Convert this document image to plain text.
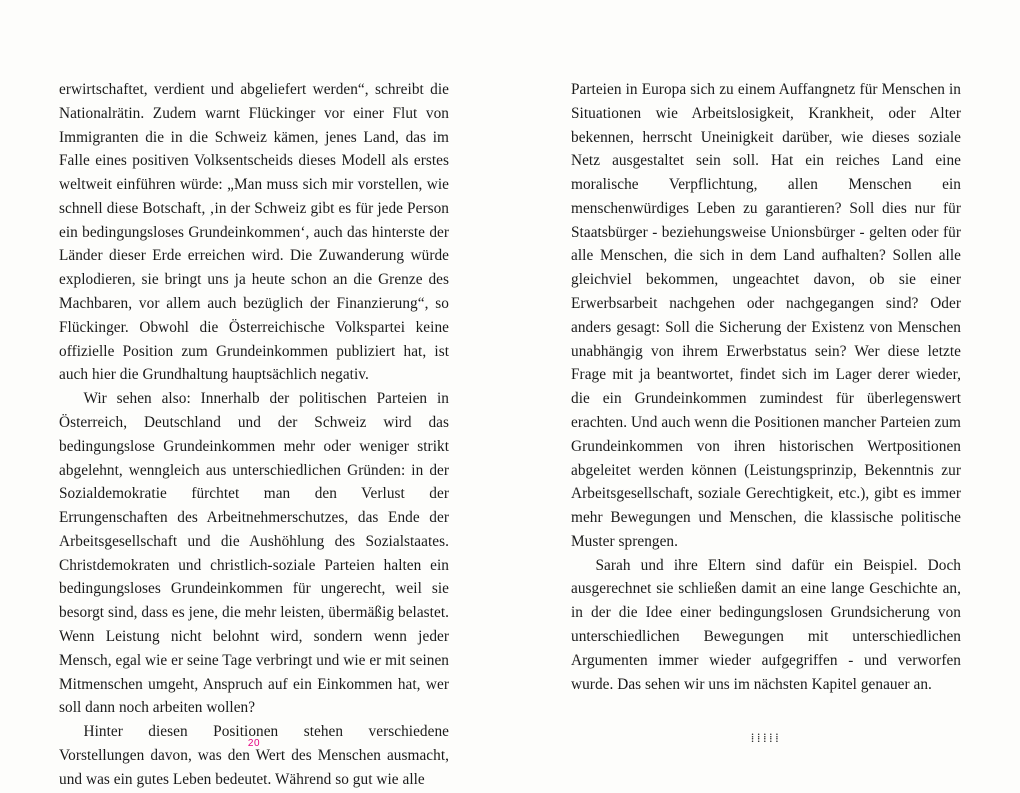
erwirtschaftet, verdient und abgeliefert werden“, schreibt die Nationalrätin. Zudem warnt Flückinger vor einer Flut von Immigranten die in die Schweiz kämen, jenes Land, das im Falle eines positiven Volksentscheids dieses Modell als erstes weltweit einführen würde: „Man muss sich mir vorstellen, wie schnell diese Botschaft, ‚in der Schweiz gibt es für jede Person ein bedingungsloses Grundeinkommen‘, auch das hinterste der Länder dieser Erde erreichen wird. Die Zuwanderung würde explodieren, sie bringt uns ja heute schon an die Grenze des Machbaren, vor allem auch bezüglich der Finanzierung“, so Flückinger. Obwohl die Österreichische Volkspartei keine offizielle Position zum Grundeinkommen publiziert hat, ist auch hier die Grundhaltung hauptsächlich negativ.

Wir sehen also: Innerhalb der politischen Parteien in Österreich, Deutschland und der Schweiz wird das bedingungslose Grundeinkommen mehr oder weniger strikt abgelehnt, wenngleich aus unterschiedlichen Gründen: in der Sozialdemokratie fürchtet man den Verlust der Errungenschaften des Arbeitnehmerschutzes, das Ende der Arbeitsgesellschaft und die Aushöhlung des Sozialstaates. Christdemokraten und christlich-soziale Parteien halten ein bedingungsloses Grundeinkommen für ungerecht, weil sie besorgt sind, dass es jene, die mehr leisten, übermäßig belastet. Wenn Leistung nicht belohnt wird, sondern wenn jeder Mensch, egal wie er seine Tage verbringt und wie er mit seinen Mitmenschen umgeht, Anspruch auf ein Einkommen hat, wer soll dann noch arbeiten wollen?

Hinter diesen Positionen stehen verschiedene Vorstellungen davon, was den Wert des Menschen ausmacht, und was ein gutes Leben bedeutet. Während so gut wie alle

Parteien in Europa sich zu einem Auffangnetz für Menschen in Situationen wie Arbeitslosigkeit, Krankheit, oder Alter bekennen, herrscht Uneinigkeit darüber, wie dieses soziale Netz ausgestaltet sein soll. Hat ein reiches Land eine moralische Verpflichtung, allen Menschen ein menschenwürdiges Leben zu garantieren? Soll dies nur für Staatsbürger - beziehungsweise Unionsbürger - gelten oder für alle Menschen, die sich in dem Land aufhalten? Sollen alle gleichviel bekommen, ungeachtet davon, ob sie einer Erwerbsarbeit nachgehen oder nachgegangen sind? Oder anders gesagt: Soll die Sicherung der Existenz von Menschen unabhängig von ihrem Erwerbstatus sein? Wer diese letzte Frage mit ja beantwortet, findet sich im Lager derer wieder, die ein Grundeinkommen zumindest für überlegenswert erachten. Und auch wenn die Positionen mancher Parteien zum Grundeinkommen von ihren historischen Wertpositionen abgeleitet werden können (Leistungsprinzip, Bekenntnis zur Arbeitsgesellschaft, soziale Gerechtigkeit, etc.), gibt es immer mehr Bewegungen und Menschen, die klassische politische Muster sprengen.

Sarah und ihre Eltern sind dafür ein Beispiel. Doch ausgerechnet sie schließen damit an eine lange Geschichte an, in der die Idee einer bedingungslosen Grundsicherung von unterschiedlichen Bewegungen mit unterschiedlichen Argumenten immer wieder aufgegriffen - und verworfen wurde. Das sehen wir uns im nächsten Kapitel genauer an.

⁞⁞⁞⁞⁞
20
